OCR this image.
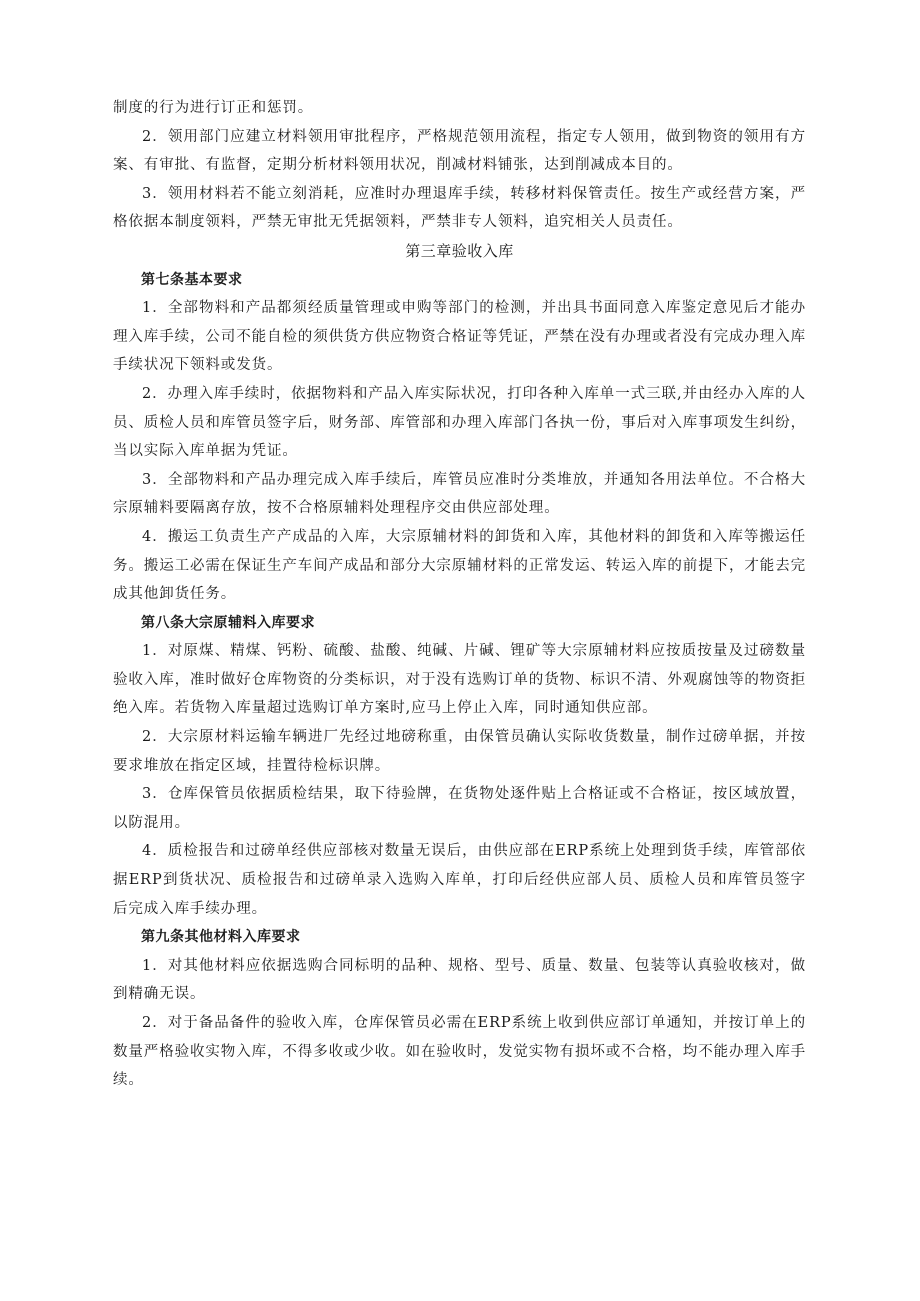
制度的行为进行订正和惩罚。

2．领用部门应建立材料领用审批程序，严格规范领用流程，指定专人领用，做到物资的领用有方案、有审批、有监督，定期分析材料领用状况，削减材料铺张，达到削减成本目的。

3．领用材料若不能立刻消耗，应准时办理退库手续，转移材料保管责任。按生产或经营方案，严格依据本制度领料，严禁无审批无凭据领料，严禁非专人领料，追究相关人员责任。

第三章验收入库
第七条基本要求

1．全部物料和产品都须经质量管理或申购等部门的检测，并出具书面同意入库鉴定意见后才能办理入库手续，公司不能自检的须供货方供应物资合格证等凭证，严禁在没有办理或者没有完成办理入库手续状况下领料或发货。

2．办理入库手续时，依据物料和产品入库实际状况，打印各种入库单一式三联,并由经办入库的人员、质检人员和库管员签字后，财务部、库管部和办理入库部门各执一份，事后对入库事项发生纠纷，当以实际入库单据为凭证。

3．全部物料和产品办理完成入库手续后，库管员应准时分类堆放，并通知各用法单位。不合格大宗原辅料要隔离存放，按不合格原辅料处理程序交由供应部处理。

4．搬运工负责生产产成品的入库，大宗原辅材料的卸货和入库，其他材料的卸货和入库等搬运任务。搬运工必需在保证生产车间产成品和部分大宗原辅材料的正常发运、转运入库的前提下，才能去完成其他卸货任务。

第八条大宗原辅料入库要求

1．对原煤、精煤、钙粉、硫酸、盐酸、纯碱、片碱、锂矿等大宗原辅材料应按质按量及过磅数量验收入库，准时做好仓库物资的分类标识，对于没有选购订单的货物、标识不清、外观腐蚀等的物资拒绝入库。若货物入库量超过选购订单方案时,应马上停止入库，同时通知供应部。

2．大宗原材料运输车辆进厂先经过地磅称重，由保管员确认实际收货数量，制作过磅单据，并按要求堆放在指定区域，挂置待检标识牌。

3．仓库保管员依据质检结果，取下待验牌，在货物处逐件贴上合格证或不合格证，按区域放置，以防混用。

4．质检报告和过磅单经供应部核对数量无误后，由供应部在ERP系统上处理到货手续，库管部依据ERP到货状况、质检报告和过磅单录入选购入库单，打印后经供应部人员、质检人员和库管员签字后完成入库手续办理。

第九条其他材料入库要求

1．对其他材料应依据选购合同标明的品种、规格、型号、质量、数量、包装等认真验收核对，做到精确无误。

2．对于备品备件的验收入库，仓库保管员必需在ERP系统上收到供应部订单通知，并按订单上的数量严格验收实物入库，不得多收或少收。如在验收时，发觉实物有损坏或不合格，均不能办理入库手续。
